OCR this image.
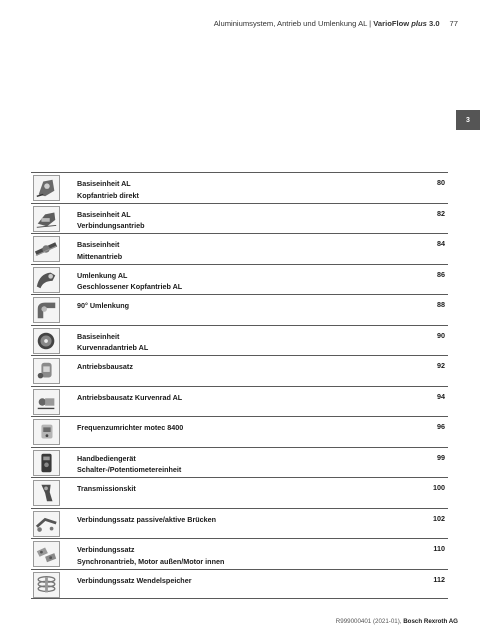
Aluminiumsystem, Antrieb und Umlenkung AL | VarioFlow plus 3.0 77
3
Basiseinheit AL
Kopfantrieb direkt
80
Basiseinheit AL
Verbindungsantrieb
82
Basiseinheit
Mittenantrieb
84
Umlenkung AL
Geschlossener Kopfantrieb AL
86
90° Umlenkung	88
Basiseinheit
Kurvenradantrieb AL
90
Antriebsbausatz	92
Antriebsbausatz Kurvenrad AL	94
Frequenzumrichter motec 8400	96
Handbediengerät
Schalter-/Potentiometereinheit
99
Transmissionskit	100
Verbindungssatz passive/aktive Brücken	102
Verbindungssatz
Synchronantrieb, Motor außen/Motor innen
110
Verbindungssatz Wendelspeicher	112
R999000401 (2021-01), Bosch Rexroth AG
